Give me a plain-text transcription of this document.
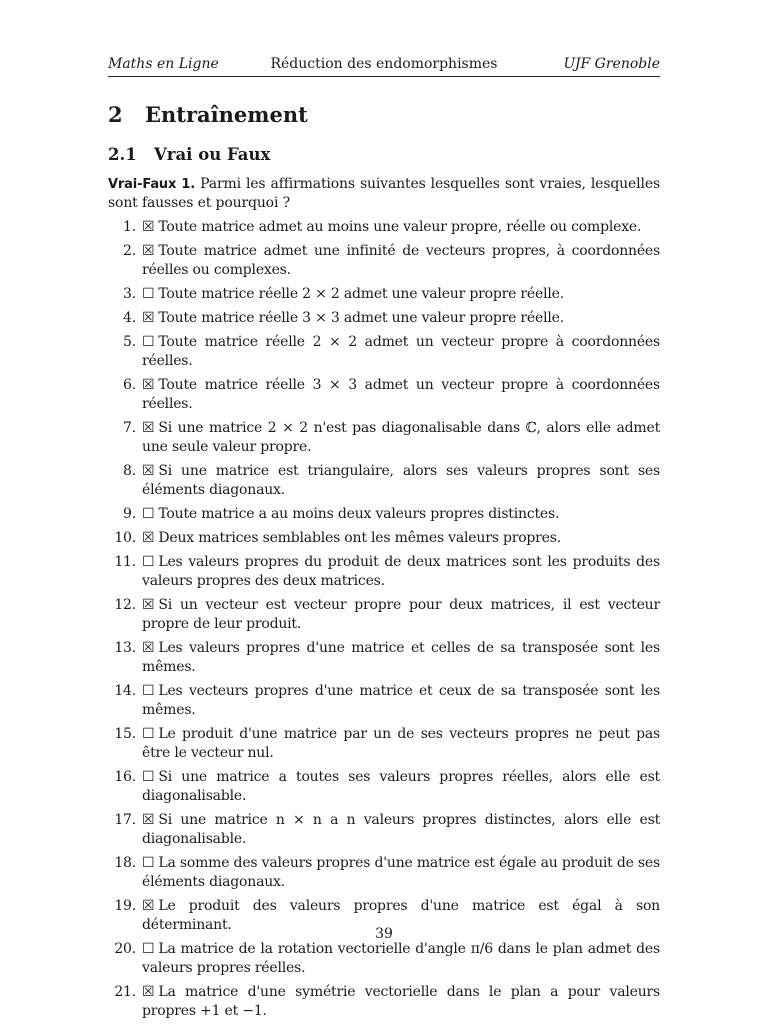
Maths en Ligne	Réduction des endomorphismes	UJF Grenoble
2 Entraînement
2.1 Vrai ou Faux

Vrai-Faux 1. Parmi les affirmations suivantes lesquelles sont vraies, lesquelles sont fausses et pourquoi ?

1. ☒ Toute matrice admet au moins une valeur propre, réelle ou complexe.
2. ☒ Toute matrice admet une infinité de vecteurs propres, à coordonnées réelles ou complexes.
3. ☐ Toute matrice réelle 2 × 2 admet une valeur propre réelle.
4. ☒ Toute matrice réelle 3 × 3 admet une valeur propre réelle.
5. ☐ Toute matrice réelle 2 × 2 admet un vecteur propre à coordonnées réelles.
6. ☒ Toute matrice réelle 3 × 3 admet un vecteur propre à coordonnées réelles.
7. ☒ Si une matrice 2 × 2 n'est pas diagonalisable dans ℂ, alors elle admet une seule valeur propre.
8. ☒ Si une matrice est triangulaire, alors ses valeurs propres sont ses éléments diagonaux.
9. ☐ Toute matrice a au moins deux valeurs propres distinctes.
10. ☒ Deux matrices semblables ont les mêmes valeurs propres.
11. ☐ Les valeurs propres du produit de deux matrices sont les produits des valeurs propres des deux matrices.
12. ☒ Si un vecteur est vecteur propre pour deux matrices, il est vecteur propre de leur produit.
13. ☒ Les valeurs propres d'une matrice et celles de sa transposée sont les mêmes.
14. ☐ Les vecteurs propres d'une matrice et ceux de sa transposée sont les mêmes.
15. ☐ Le produit d'une matrice par un de ses vecteurs propres ne peut pas être le vecteur nul.
16. ☐ Si une matrice a toutes ses valeurs propres réelles, alors elle est diagonalisable.
17. ☒ Si une matrice n × n a n valeurs propres distinctes, alors elle est diagonalisable.
18. ☐ La somme des valeurs propres d'une matrice est égale au produit de ses éléments diagonaux.
19. ☒ Le produit des valeurs propres d'une matrice est égal à son déterminant.
20. ☐ La matrice de la rotation vectorielle d'angle π/6 dans le plan admet des valeurs propres réelles.
21. ☒ La matrice d'une symétrie vectorielle dans le plan a pour valeurs propres +1 et −1.
39
